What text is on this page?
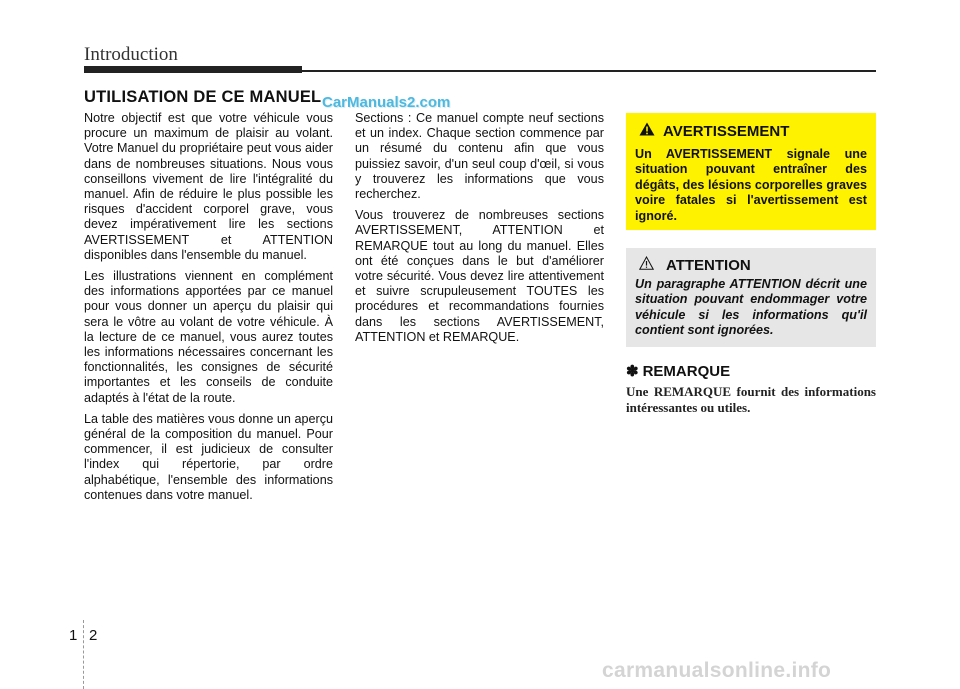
Introduction
UTILISATION DE CE MANUEL CarManuals2.com

Notre objectif est que votre véhicule vous procure un maximum de plaisir au volant. Votre Manuel du propriétaire peut vous aider dans de nombreuses situations. Nous vous conseillons vivement de lire l'intégralité du manuel. Afin de réduire le plus possible les risques d'accident corporel grave, vous devez impérativement lire les sections AVERTISSEMENT et ATTENTION disponibles dans l'ensemble du manuel.

Les illustrations viennent en complément des informations apportées par ce manuel pour vous donner un aperçu du plaisir qui sera le vôtre au volant de votre véhicule. À la lecture de ce manuel, vous aurez toutes les informations nécessaires concernant les fonctionnalités, les consignes de sécurité importantes et les conseils de conduite adaptés à l'état de la route.

La table des matières vous donne un aperçu général de la composition du manuel. Pour commencer, il est judicieux de consulter l'index qui répertorie, par ordre alphabétique, l'ensemble des informations contenues dans votre manuel.

Sections : Ce manuel compte neuf sections et un index. Chaque section commence par un résumé du contenu afin que vous puissiez savoir, d'un seul coup d'œil, si vous y trouverez les informations que vous recherchez.

Vous trouverez de nombreuses sections AVERTISSEMENT, ATTENTION et REMARQUE tout au long du manuel. Elles ont été conçues dans le but d'améliorer votre sécurité. Vous devez lire attentivement et suivre scrupuleusement TOUTES les procédures et recommandations fournies dans les sections AVERTISSEMENT, ATTENTION et REMARQUE.

AVERTISSEMENT
Un AVERTISSEMENT signale une situation pouvant entraîner des dégâts, des lésions corporelles graves voire fatales si l'avertissement est ignoré.
ATTENTION
Un paragraphe ATTENTION décrit une situation pouvant endommager votre véhicule si les informations qu'il contient sont ignorées.
✽ REMARQUE
Une REMARQUE fournit des informations intéressantes ou utiles.
1 2
carmanualsonline.info
